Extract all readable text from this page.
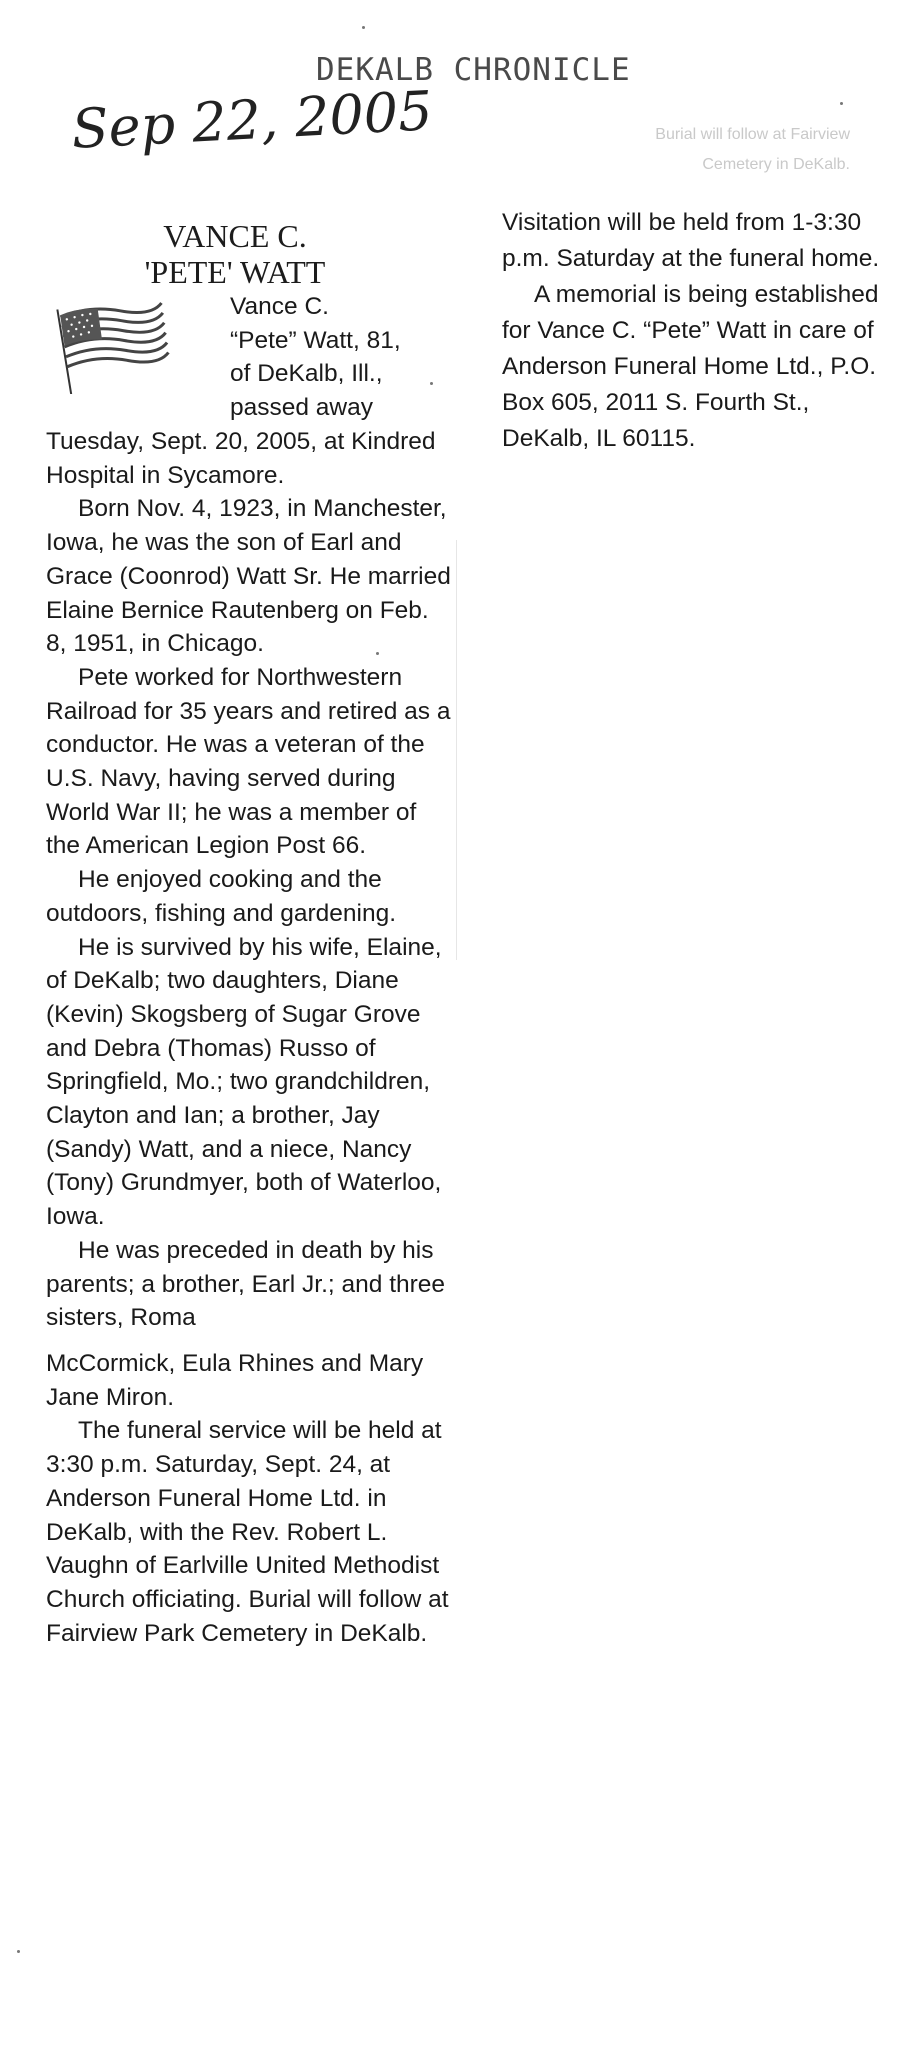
DEKALB CHRONICLE
Sep 22, 2005	Burial will follow at Fairview
Cemetery in DeKalb.
VANCE C.
'PETE' WATT

Vance C.

“Pete” Watt, 81,

of DeKalb, Ill.,

passed away

Tuesday, Sept. 20, 2005, at Kindred Hospital in Sycamore.

Born Nov. 4, 1923, in Manchester, Iowa, he was the son of Earl and Grace (Coonrod) Watt Sr. He married Elaine Bernice Rautenberg on Feb. 8, 1951, in Chicago.

Pete worked for Northwestern Railroad for 35 years and retired as a conductor. He was a veteran of the U.S. Navy, having served during World War II; he was a member of the American Legion Post 66.

He enjoyed cooking and the outdoors, fishing and gardening.

He is survived by his wife, Elaine, of DeKalb; two daughters, Diane (Kevin) Skogsberg of Sugar Grove and Debra (Thomas) Russo of Springfield, Mo.; two grandchildren, Clayton and Ian; a brother, Jay (Sandy) Watt, and a niece, Nancy (Tony) Grundmyer, both of Waterloo, Iowa.

He was preceded in death by his parents; a brother, Earl Jr.; and three sisters, Roma

McCormick, Eula Rhines and Mary Jane Miron.

The funeral service will be held at 3:30 p.m. Saturday, Sept. 24, at Anderson Funeral Home Ltd. in DeKalb, with the Rev. Robert L. Vaughn of Earlville United Methodist Church officiating. Burial will follow at Fairview Park Cemetery in DeKalb.

Visitation will be held from 1-3:30 p.m. Saturday at the funeral home.

A memorial is being established for Vance C. “Pete” Watt in care of Anderson Funeral Home Ltd., P.O. Box 605, 2011 S. Fourth St., DeKalb, IL 60115.
